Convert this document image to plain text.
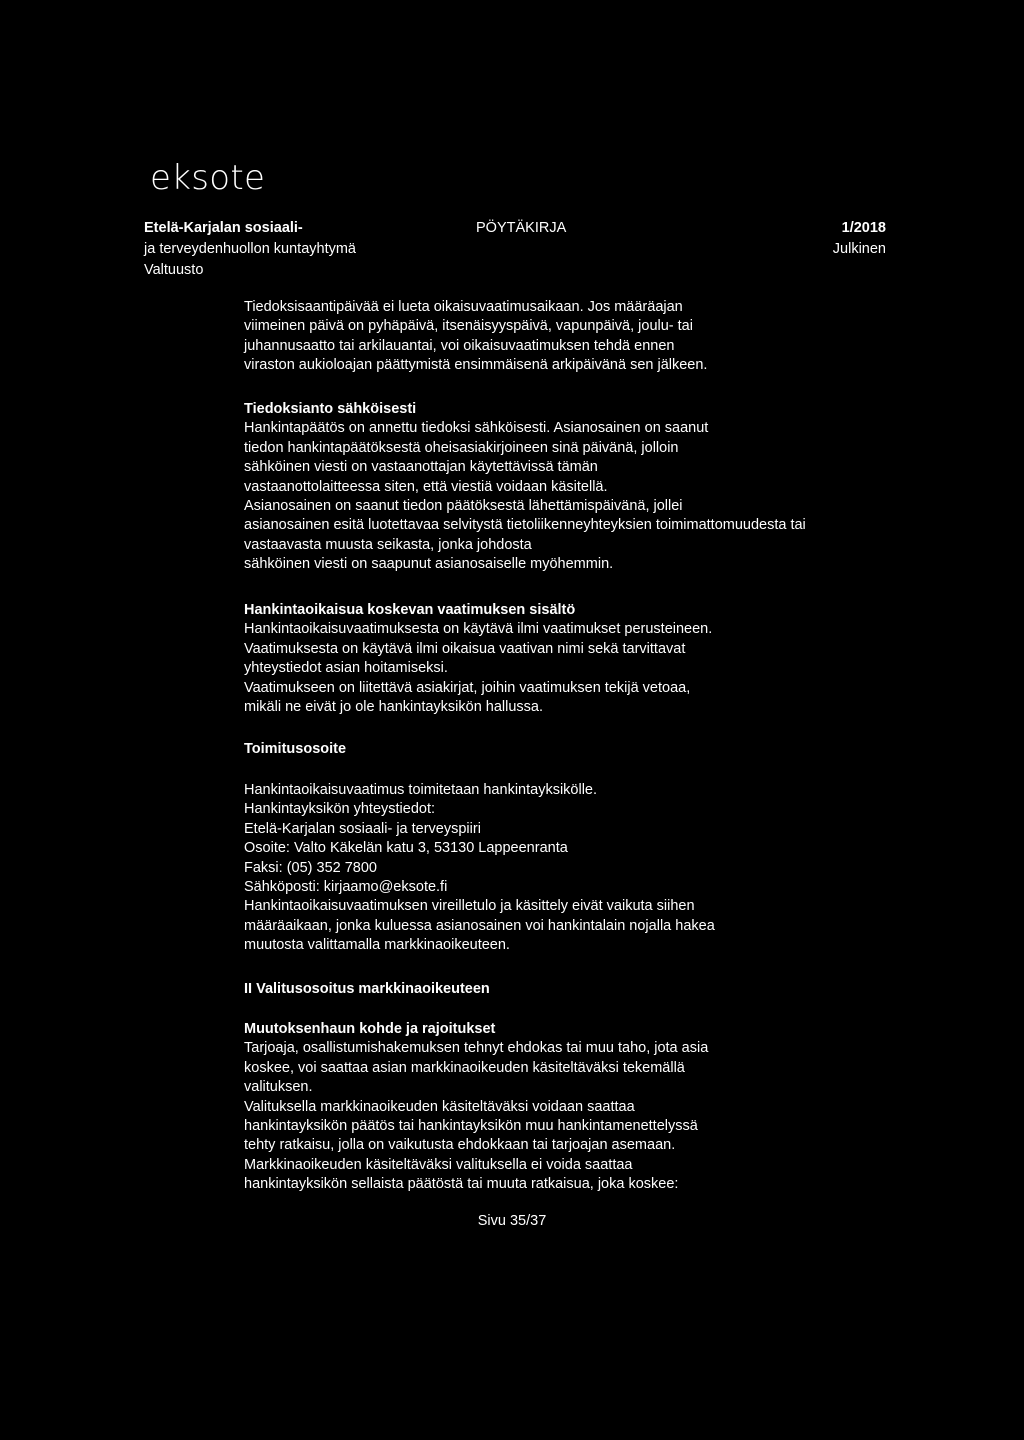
eksote
Etelä-Karjalan sosiaali-
ja terveydenhuollon kuntayhtymä
Valtuusto
PÖYTÄKIRJA	1/2018
Julkinen
Tiedoksisaantipäivää ei lueta oikaisuvaatimusaikaan. Jos määräajan
viimeinen päivä on pyhäpäivä, itsenäisyyspäivä, vapunpäivä, joulu- tai
juhannusaatto tai arkilauantai, voi oikaisuvaatimuksen tehdä ennen
viraston aukioloajan päättymistä ensimmäisenä arkipäivänä sen jälkeen.
Tiedoksianto sähköisesti
Hankintapäätös on annettu tiedoksi sähköisesti. Asianosainen on saanut
tiedon hankintapäätöksestä oheisasiakirjoineen sinä päivänä, jolloin
sähköinen viesti on vastaanottajan käytettävissä tämän
vastaanottolaitteessa siten, että viestiä voidaan käsitellä.
Asianosainen on saanut tiedon päätöksestä lähettämispäivänä, jollei
asianosainen esitä luotettavaa selvitystä tietoliikenneyhteyksien toimimattomuudesta tai
vastaavasta muusta seikasta, jonka johdosta
sähköinen viesti on saapunut asianosaiselle myöhemmin.
Hankintaoikaisua koskevan vaatimuksen sisältö
Hankintaoikaisuvaatimuksesta on käytävä ilmi vaatimukset perusteineen.
Vaatimuksesta on käytävä ilmi oikaisua vaativan nimi sekä tarvittavat
yhteystiedot asian hoitamiseksi.
Vaatimukseen on liitettävä asiakirjat, joihin vaatimuksen tekijä vetoaa,
mikäli ne eivät jo ole hankintayksikön hallussa.
Toimitusosoite
Hankintaoikaisuvaatimus toimitetaan hankintayksikölle.
Hankintayksikön yhteystiedot:
Etelä-Karjalan sosiaali- ja terveyspiiri
Osoite: Valto Käkelän katu 3, 53130 Lappeenranta
Faksi: (05) 352 7800
Sähköposti: kirjaamo@eksote.fi
Hankintaoikaisuvaatimuksen vireilletulo ja käsittely eivät vaikuta siihen
määräaikaan, jonka kuluessa asianosainen voi hankintalain nojalla hakea
muutosta valittamalla markkinaoikeuteen.
II Valitusosoitus markkinaoikeuteen
Muutoksenhaun kohde ja rajoitukset
Tarjoaja, osallistumishakemuksen tehnyt ehdokas tai muu taho, jota asia
koskee, voi saattaa asian markkinaoikeuden käsiteltäväksi tekemällä
valituksen.
Valituksella markkinaoikeuden käsiteltäväksi voidaan saattaa
hankintayksikön päätös tai hankintayksikön muu hankintamenettelyssä
tehty ratkaisu, jolla on vaikutusta ehdokkaan tai tarjoajan asemaan.
Markkinaoikeuden käsiteltäväksi valituksella ei voida saattaa
hankintayksikön sellaista päätöstä tai muuta ratkaisua, joka koskee:
Sivu 35/37
